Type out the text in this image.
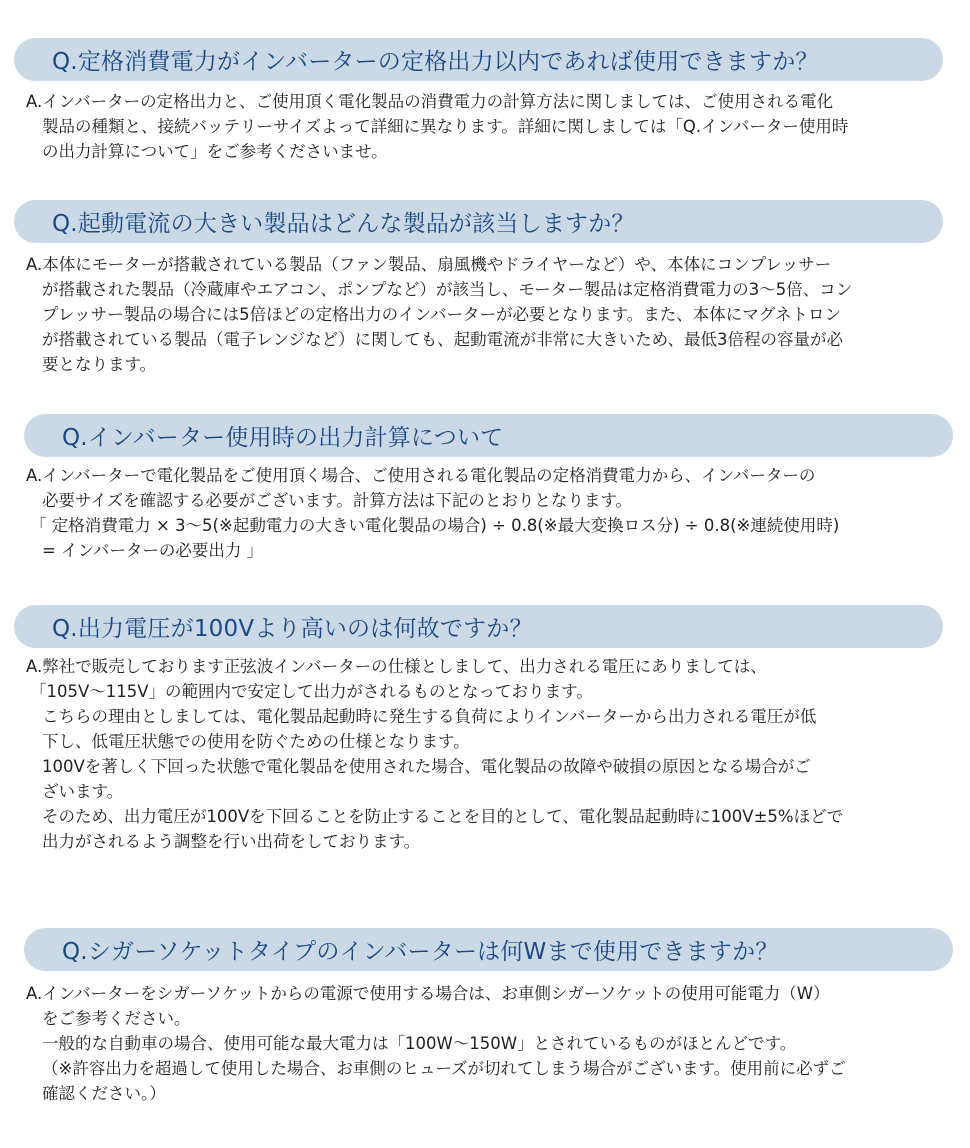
Q.定格消費電力がインバーターの定格出力以内であれば使用できますか？
A.インバーターの定格出力と、ご使用頂く電化製品の消費電力の計算方法に関しましては、ご使用される電化
製品の種類と、接続バッテリーサイズよって詳細に異なります。詳細に関しましては「Q.インバーター使用時
の出力計算について」をご参考くださいませ。
Q.起動電流の大きい製品はどんな製品が該当しますか？
A.本体にモーターが搭載されている製品（ファン製品、扇風機やドライヤーなど）や、本体にコンプレッサー
が搭載された製品（冷蔵庫やエアコン、ポンプなど）が該当し、モーター製品は定格消費電力の3〜5倍、コン
プレッサー製品の場合には5倍ほどの定格出力のインバーターが必要となります。また、本体にマグネトロン
が搭載されている製品（電子レンジなど）に関しても、起動電流が非常に大きいため、最低3倍程の容量が必
要となります。
Q.インバーター使用時の出力計算について
A.インバーターで電化製品をご使用頂く場合、ご使用される電化製品の定格消費電力から、インバーターの
必要サイズを確認する必要がございます。計算方法は下記のとおりとなります。
「 定格消費電力 × 3〜5(※起動電力の大きい電化製品の場合) ÷ 0.8(※最大変換ロス分) ÷ 0.8(※連続使用時)
= インバーターの必要出力 」
Q.出力電圧が100Vより高いのは何故ですか？
A.弊社で販売しております正弦波インバーターの仕様としまして、出力される電圧にありましては、
「105V〜115V」の範囲内で安定して出力がされるものとなっております。
こちらの理由としましては、電化製品起動時に発生する負荷によりインバーターから出力される電圧が低
下し、低電圧状態での使用を防ぐための仕様となります。
100Vを著しく下回った状態で電化製品を使用された場合、電化製品の故障や破損の原因となる場合がご
ざいます。
そのため、出力電圧が100Vを下回ることを防止することを目的として、電化製品起動時に100V±5%ほどで
出力がされるよう調整を行い出荷をしております。
Q.シガーソケットタイプのインバーターは何Wまで使用できますか？
A.インバーターをシガーソケットからの電源で使用する場合は、お車側シガーソケットの使用可能電力（W）
をご参考ください。
一般的な自動車の場合、使用可能な最大電力は「100W〜150W」とされているものがほとんどです。
（※許容出力を超過して使用した場合、お車側のヒューズが切れてしまう場合がございます。使用前に必ずご
確認ください。）
